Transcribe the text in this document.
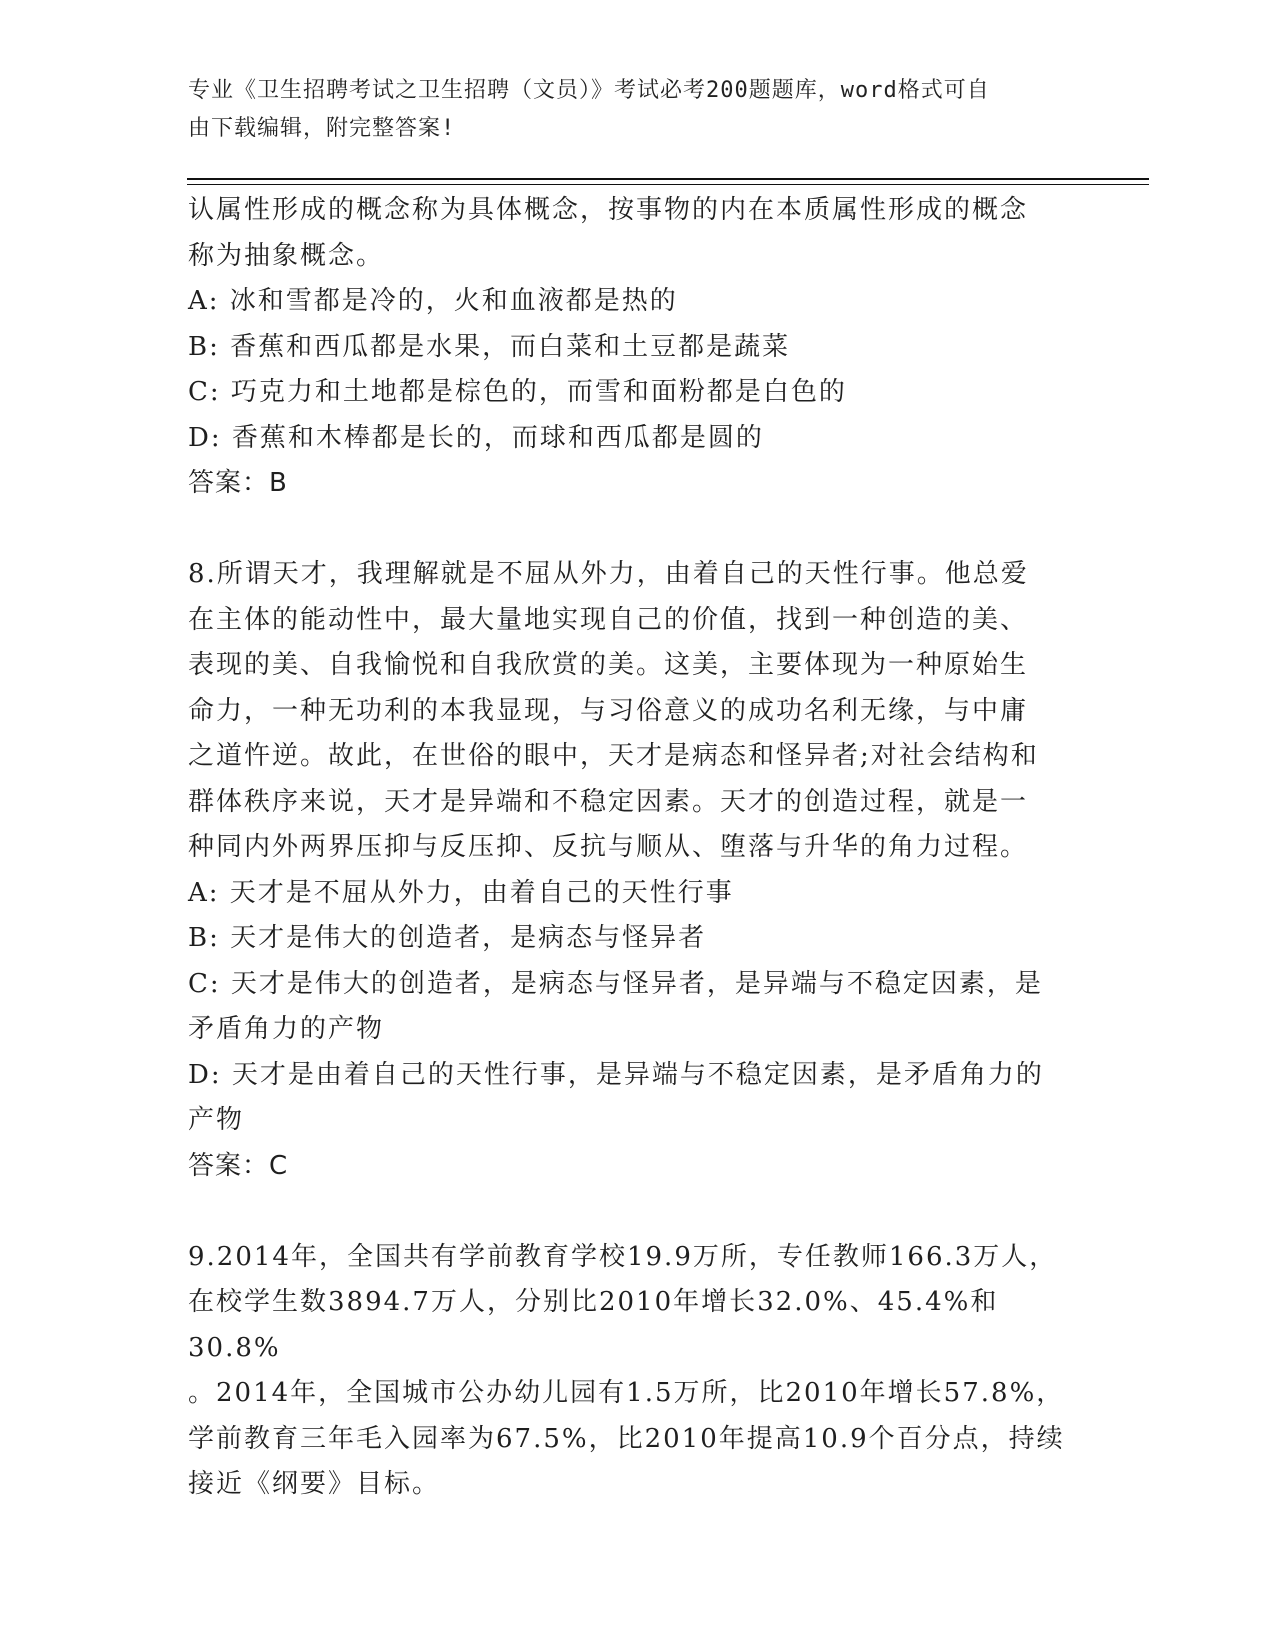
专业《卫生招聘考试之卫生招聘（文员）》考试必考200题题库，word格式可自
由下载编辑，附完整答案!

认属性形成的概念称为具体概念，按事物的内在本质属性形成的概念

称为抽象概念。

A: 冰和雪都是冷的，火和血液都是热的

B: 香蕉和西瓜都是水果，而白菜和土豆都是蔬菜

C: 巧克力和土地都是棕色的，而雪和面粉都是白色的

D: 香蕉和木棒都是长的，而球和西瓜都是圆的

答案：B

8.所谓天才，我理解就是不屈从外力，由着自己的天性行事。他总爱

在主体的能动性中，最大量地实现自己的价值，找到一种创造的美、

表现的美、自我愉悦和自我欣赏的美。这美，主要体现为一种原始生

命力，一种无功利的本我显现，与习俗意义的成功名利无缘，与中庸

之道忤逆。故此，在世俗的眼中，天才是病态和怪异者;对社会结构和

群体秩序来说，天才是异端和不稳定因素。天才的创造过程，就是一

种同内外两界压抑与反压抑、反抗与顺从、堕落与升华的角力过程。

A: 天才是不屈从外力，由着自己的天性行事

B: 天才是伟大的创造者，是病态与怪异者

C: 天才是伟大的创造者，是病态与怪异者，是异端与不稳定因素，是

矛盾角力的产物

D: 天才是由着自己的天性行事，是异端与不稳定因素，是矛盾角力的

产物

答案：C

9.2014年，全国共有学前教育学校19.9万所，专任教师166.3万人，

在校学生数3894.7万人，分别比2010年增长32.0%、45.4%和30.8%

。2014年，全国城市公办幼儿园有1.5万所，比2010年增长57.8%，

学前教育三年毛入园率为67.5%，比2010年提高10.9个百分点，持续

接近《纲要》目标。
